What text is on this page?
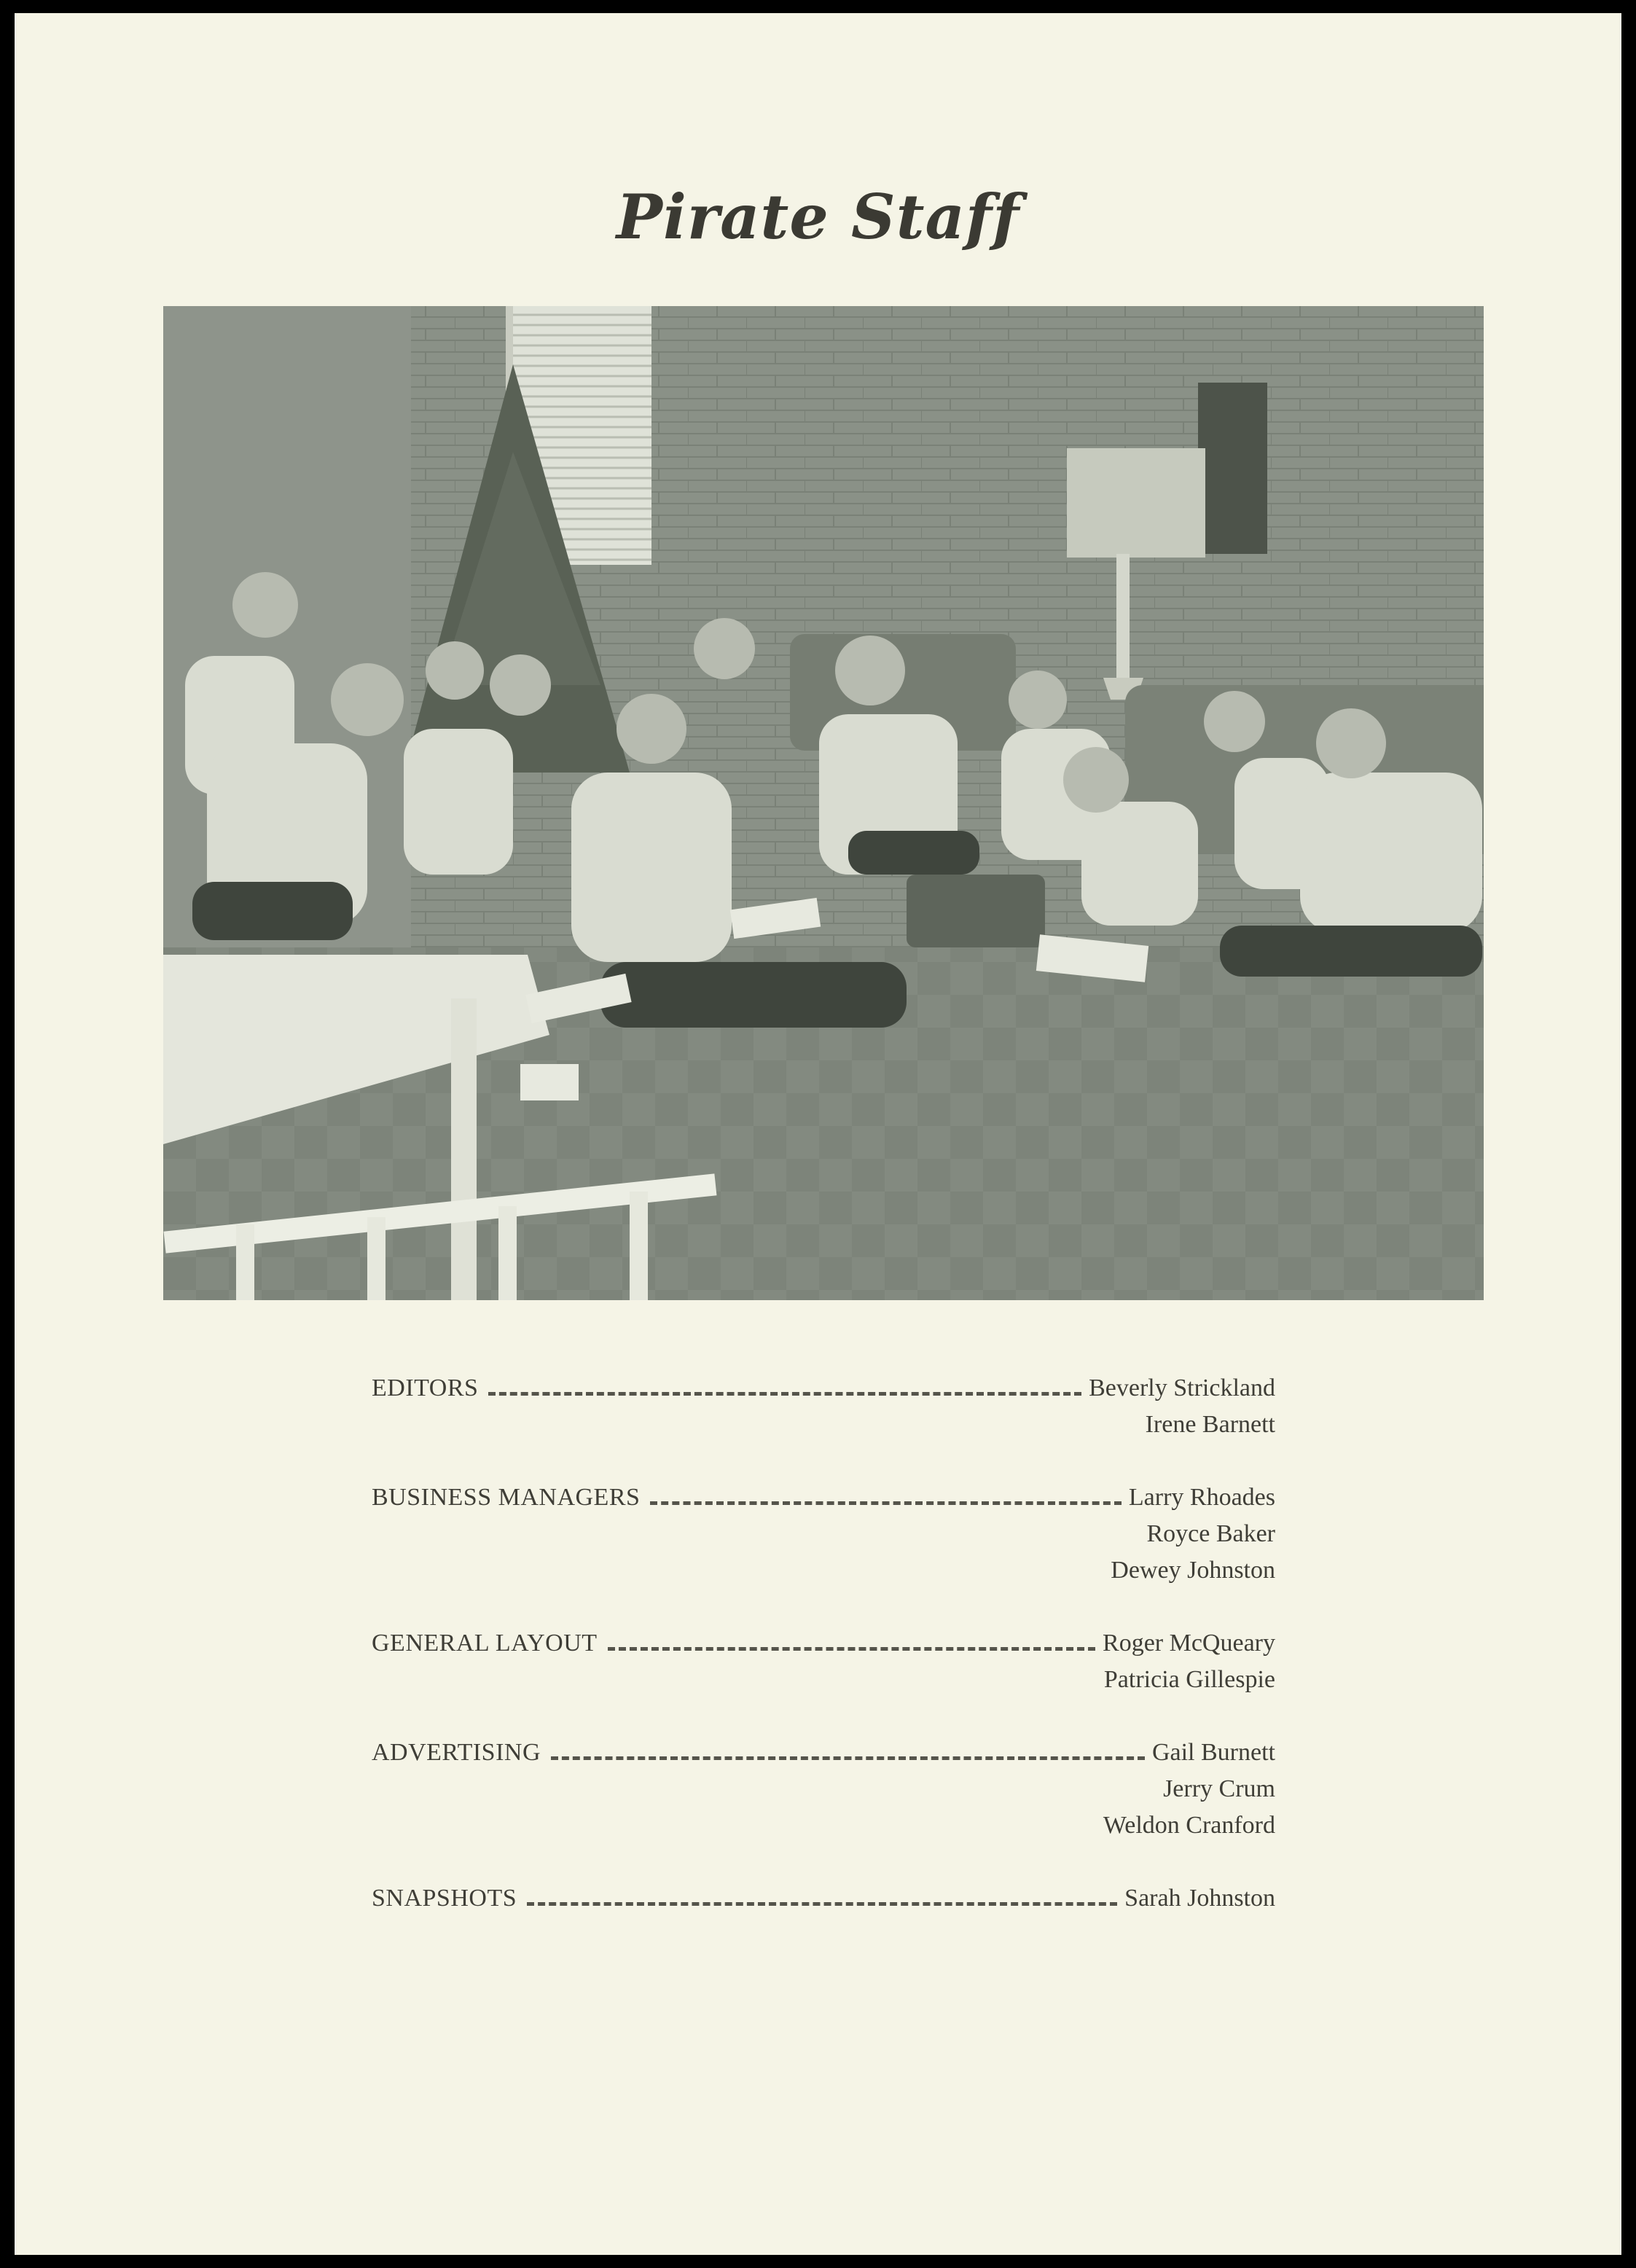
Pirate Staff
EDITORS	Beverly Strickland
Irene Barnett
BUSINESS MANAGERS	Larry Rhoades
Royce Baker
Dewey Johnston
GENERAL LAYOUT	Roger McQueary
Patricia Gillespie
ADVERTISING	Gail Burnett
Jerry Crum
Weldon Cranford
SNAPSHOTS	Sarah Johnston
